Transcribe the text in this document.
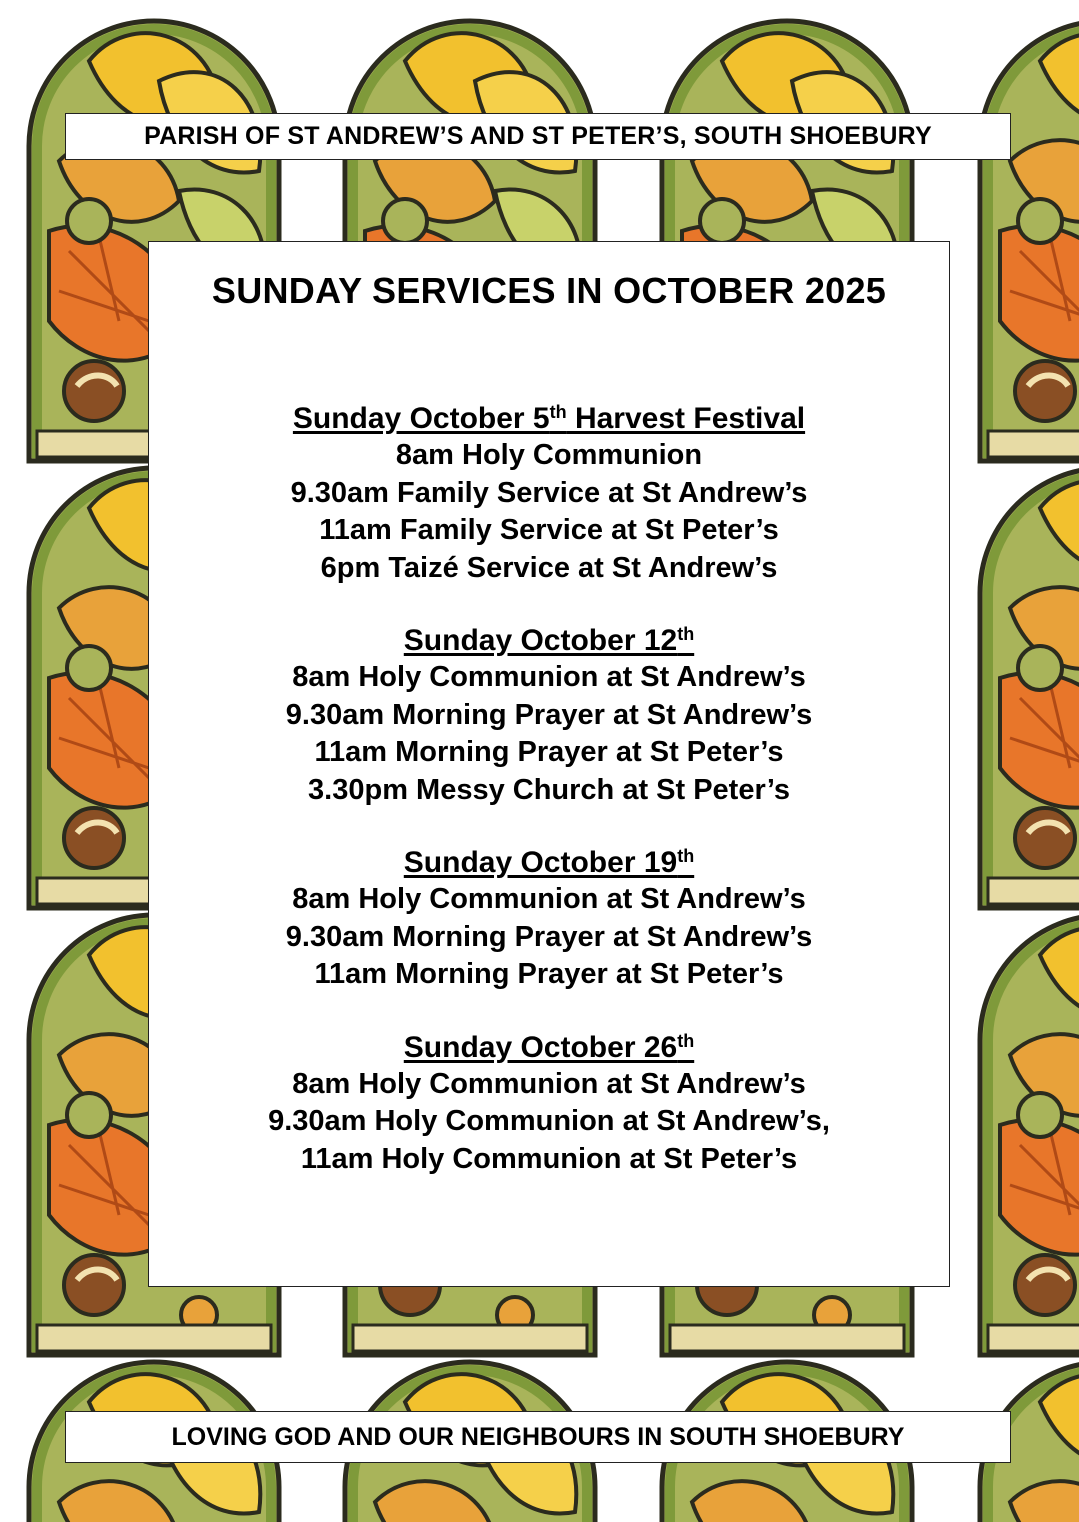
PARISH OF ST ANDREW’S AND ST PETER’S, SOUTH SHOEBURY
SUNDAY SERVICES IN OCTOBER 2025
Sunday October 5th Harvest Festival
8am Holy Communion
9.30am Family Service at St Andrew’s
11am Family Service at St Peter’s
6pm Taizé Service at St Andrew’s
Sunday October 12th
8am Holy Communion at St Andrew’s
9.30am Morning Prayer at St Andrew’s
11am Morning Prayer at St Peter’s
3.30pm Messy Church at St Peter’s
Sunday October 19th
8am Holy Communion at St Andrew’s
9.30am Morning Prayer at St Andrew’s
11am Morning Prayer at St Peter’s
Sunday October 26th
8am Holy Communion at St Andrew’s
9.30am Holy Communion at St Andrew’s,
11am Holy Communion at St Peter’s
LOVING GOD AND OUR NEIGHBOURS IN SOUTH SHOEBURY
